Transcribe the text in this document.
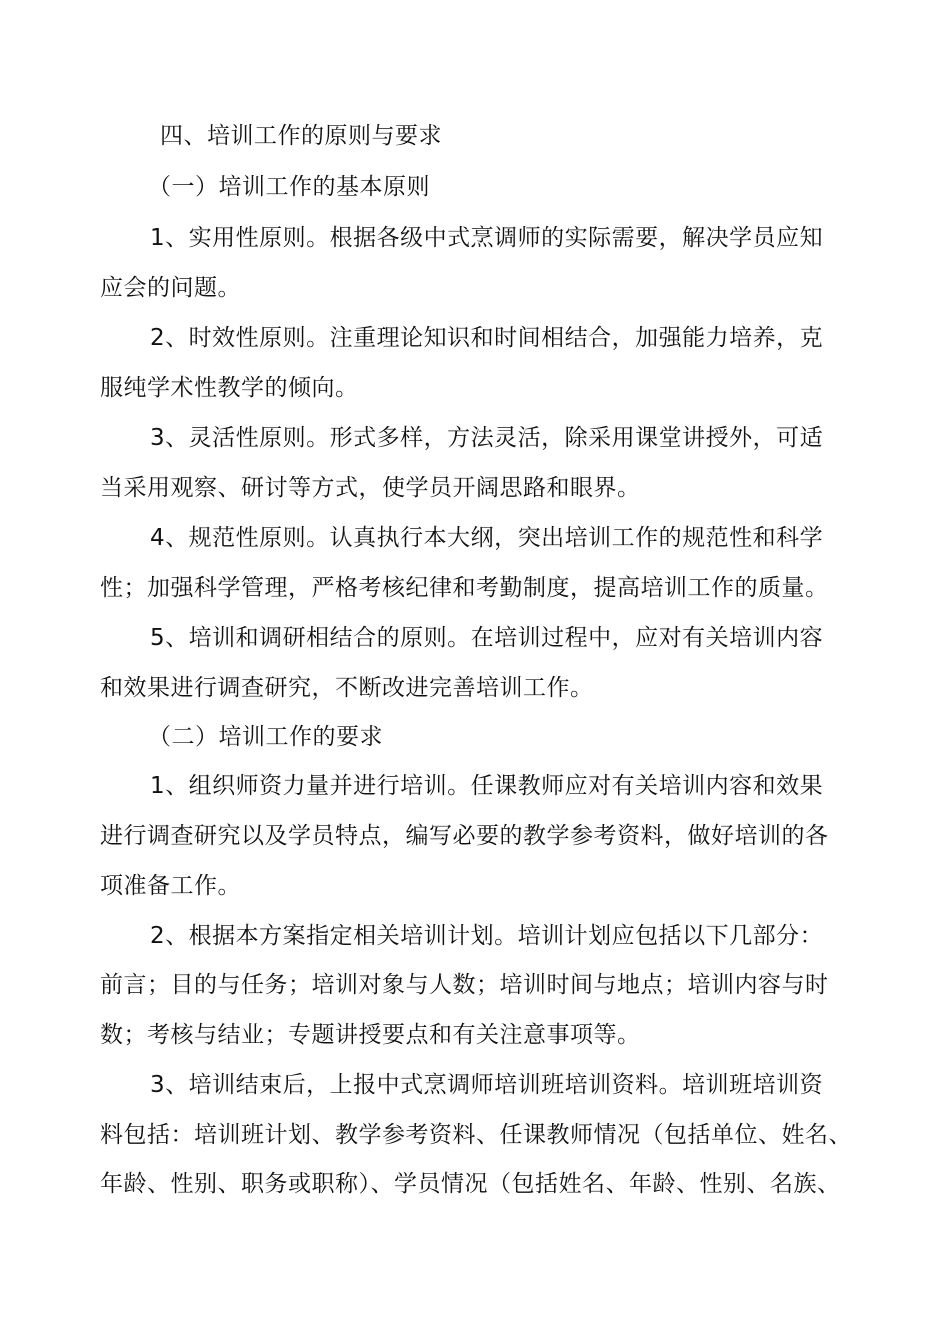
四、培训工作的原则与要求
（一）培训工作的基本原则
1、实用性原则。根据各级中式烹调师的实际需要，解决学员应知
应会的问题。
2、时效性原则。注重理论知识和时间相结合，加强能力培养，克
服纯学术性教学的倾向。
3、灵活性原则。形式多样，方法灵活，除采用课堂讲授外，可适
当采用观察、研讨等方式，使学员开阔思路和眼界。
4、规范性原则。认真执行本大纲，突出培训工作的规范性和科学
性；加强科学管理，严格考核纪律和考勤制度，提高培训工作的质量。
5、培训和调研相结合的原则。在培训过程中，应对有关培训内容
和效果进行调查研究，不断改进完善培训工作。
（二）培训工作的要求
1、组织师资力量并进行培训。任课教师应对有关培训内容和效果
进行调查研究以及学员特点，编写必要的教学参考资料，做好培训的各
项准备工作。
2、根据本方案指定相关培训计划。培训计划应包括以下几部分：
前言；目的与任务；培训对象与人数；培训时间与地点；培训内容与时
数；考核与结业；专题讲授要点和有关注意事项等。
3、培训结束后，上报中式烹调师培训班培训资料。培训班培训资
料包括：培训班计划、教学参考资料、任课教师情况（包括单位、姓名、
年龄、性别、职务或职称）、学员情况（包括姓名、年龄、性别、名族、
